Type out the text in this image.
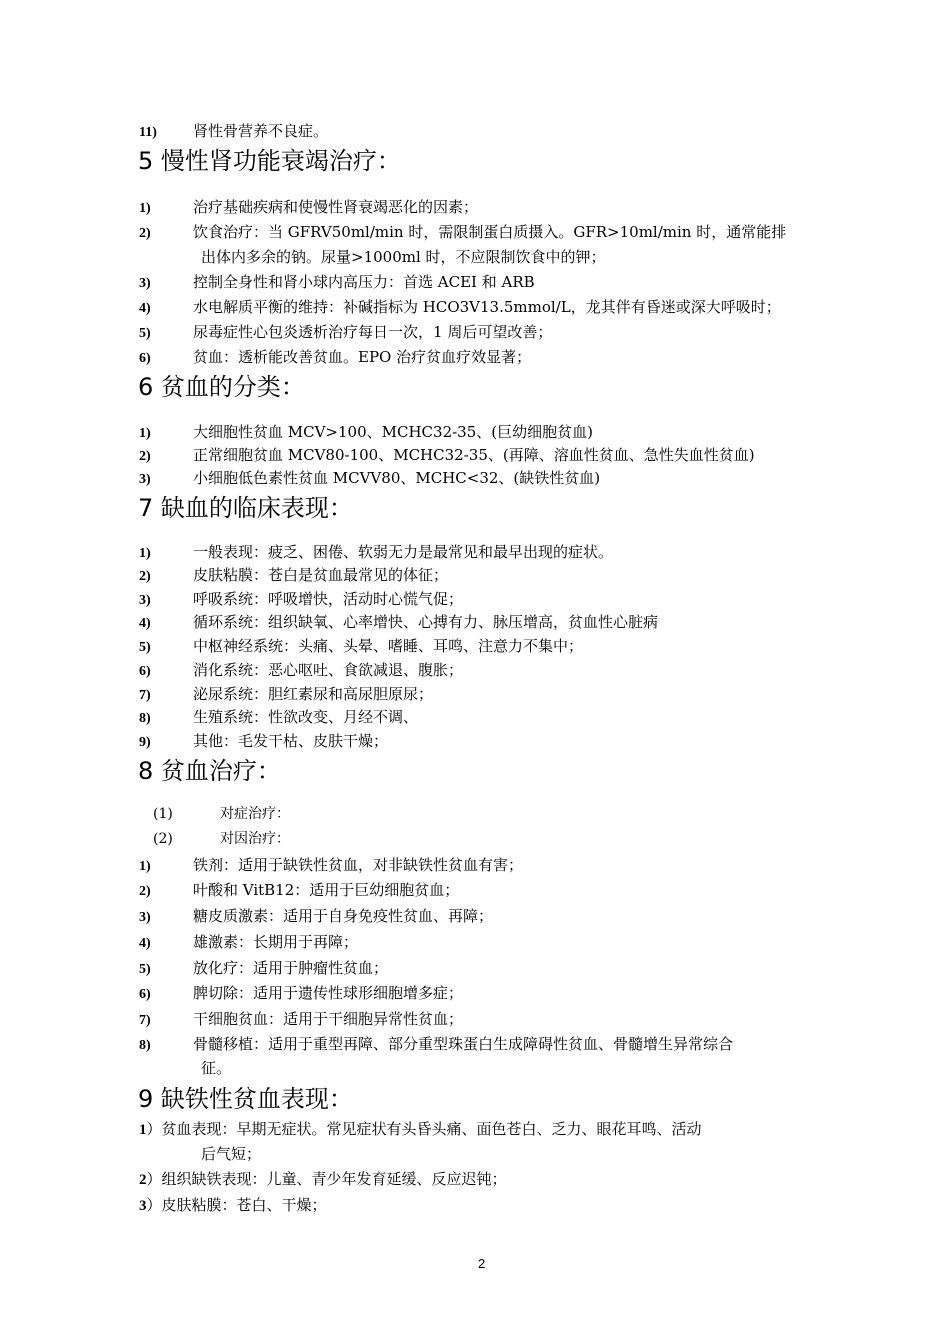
11) 肾性骨营养不良症。
5 慢性肾功能衰竭治疗：
1)	治疗基础疾病和使慢性肾衰竭恶化的因素；
2)	饮食治疗：当 GFRV50ml/min 时，需限制蛋白质摄入。GFR>10ml/min 时，通常能排
出体内多余的钠。尿量>1000ml 时，不应限制饮食中的钾；
3)	控制全身性和肾小球内高压力：首选 ACEI 和 ARB
4)	水电解质平衡的维持：补碱指标为 HCO3V13.5mmol/L，龙其伴有昏迷或深大呼吸时；
5)	尿毒症性心包炎透析治疗每日一次，1 周后可望改善；
6)	贫血：透析能改善贫血。EPO 治疗贫血疗效显著；
6 贫血的分类：
1)	大细胞性贫血 MCV>100、MCHC32-35、(巨幼细胞贫血)
2)	正常细胞贫血 MCV80-100、MCHC32-35、(再障、溶血性贫血、急性失血性贫血)
3)	小细胞低色素性贫血 MCVV80、MCHC<32、(缺铁性贫血)
7 缺血的临床表现：
1)	一般表现：疲乏、困倦、软弱无力是最常见和最早出现的症状。
2)	皮肤粘膜：苍白是贫血最常见的体征；
3)	呼吸系统：呼吸增快，活动时心慌气促；
4)	循环系统：组织缺氧、心率增快、心搏有力、脉压增高，贫血性心脏病
5)	中枢神经系统：头痛、头晕、嗜睡、耳鸣、注意力不集中；
6)	消化系统：恶心呕吐、食欲减退、腹胀；
7)	泌尿系统：胆红素尿和高尿胆原尿；
8)	生殖系统：性欲改变、月经不调、
9)	其他：毛发干枯、皮肤干燥；
8 贫血治疗：
(1)	对症治疗：
(2)	对因治疗：
1)	铁剂：适用于缺铁性贫血，对非缺铁性贫血有害；
2)	叶酸和 VitB12：适用于巨幼细胞贫血；
3)	糖皮质激素：适用于自身免疫性贫血、再障；
4)	雄激素：长期用于再障；
5)	放化疗：适用于肿瘤性贫血；
6)	脾切除：适用于遗传性球形细胞增多症；
7)	干细胞贫血：适用于干细胞异常性贫血；
8)	骨髓移植：适用于重型再障、部分重型珠蛋白生成障碍性贫血、骨髓增生异常综合
征。
9 缺铁性贫血表现：
1）贫血表现：早期无症状。常见症状有头昏头痛、面色苍白、乏力、眼花耳鸣、活动
后气短；
2）组织缺铁表现：儿童、青少年发育延缓、反应迟钝；
3）皮肤粘膜：苍白、干燥；
2
